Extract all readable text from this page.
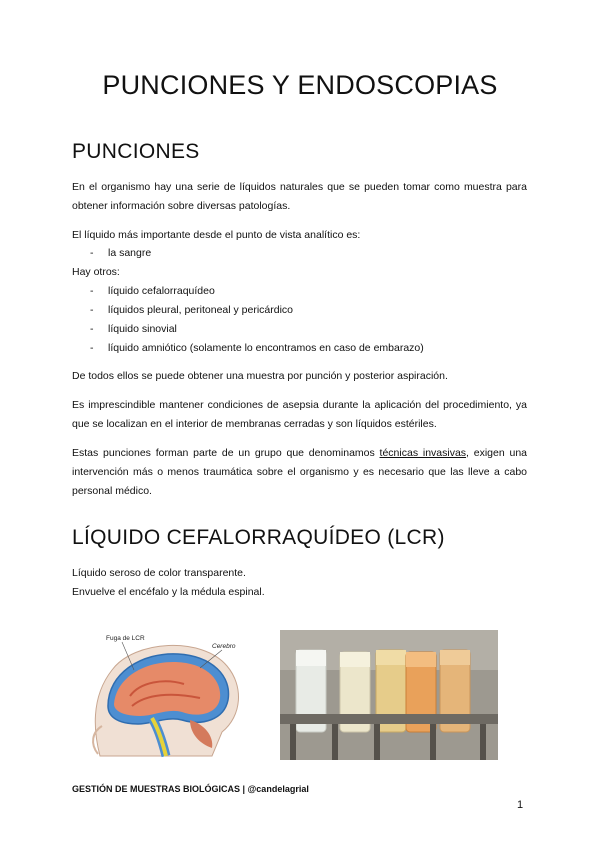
PUNCIONES Y ENDOSCOPIAS
PUNCIONES
En el organismo hay una serie de líquidos naturales que se pueden tomar como muestra para obtener información sobre diversas patologías.
El líquido más importante desde el punto de vista analítico es:
- la sangre
Hay otros:
- líquido cefalorraquídeo
- líquidos pleural, peritoneal y pericárdico
- líquido sinovial
- líquido amniótico (solamente lo encontramos en caso de embarazo)
De todos ellos se puede obtener una muestra por punción y posterior aspiración.
Es imprescindible mantener condiciones de asepsia durante la aplicación del procedimiento, ya que se localizan en el interior de membranas cerradas y son líquidos estériles.
Estas punciones forman parte de un grupo que denominamos técnicas invasivas, exigen una intervención más o menos traumática sobre el organismo y es necesario que las lleve a cabo personal médico.
LÍQUIDO CEFALORRAQUÍDEO (LCR)
Líquido seroso de color transparente.
Envuelve el encéfalo y la médula espinal.
Fuga de LCR
Cerebro
GESTIÓN DE MUESTRAS BIOLÓGICAS | @candelagrial
1
